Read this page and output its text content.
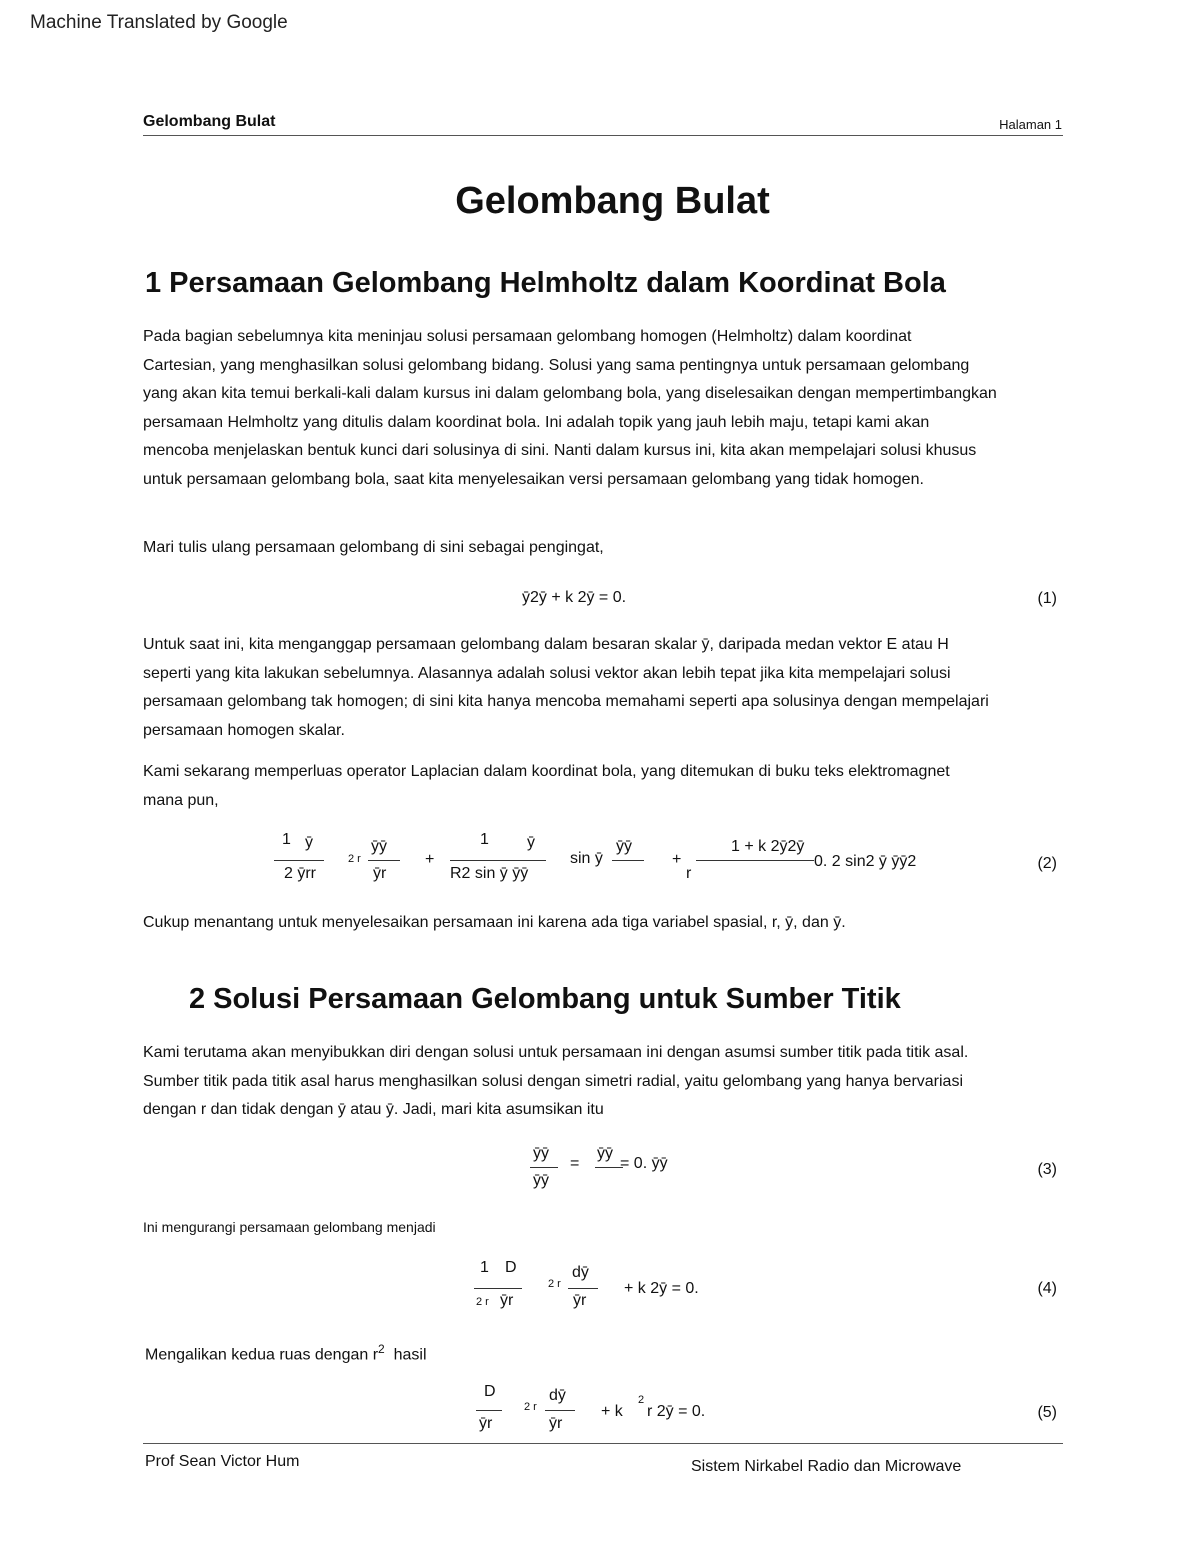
Machine Translated by Google
Gelombang Bulat	Halaman 1
Gelombang Bulat
1 Persamaan Gelombang Helmholtz dalam Koordinat Bola
Pada bagian sebelumnya kita meninjau solusi persamaan gelombang homogen (Helmholtz) dalam koordinat
Cartesian, yang menghasilkan solusi gelombang bidang. Solusi yang sama pentingnya untuk persamaan gelombang
yang akan kita temui berkali-kali dalam kursus ini dalam gelombang bola, yang diselesaikan dengan mempertimbangkan
persamaan Helmholtz yang ditulis dalam koordinat bola. Ini adalah topik yang jauh lebih maju, tetapi kami akan
mencoba menjelaskan bentuk kunci dari solusinya di sini. Nanti dalam kursus ini, kita akan mempelajari solusi khusus
untuk persamaan gelombang bola, saat kita menyelesaikan versi persamaan gelombang yang tidak homogen.
Mari tulis ulang persamaan gelombang di sini sebagai pengingat,
ȳ2ȳ + k 2ȳ = 0.	(1)
Untuk saat ini, kita menganggap persamaan gelombang dalam besaran skalar ȳ, daripada medan vektor E atau H
seperti yang kita lakukan sebelumnya. Alasannya adalah solusi vektor akan lebih tepat jika kita mempelajari solusi
persamaan gelombang tak homogen; di sini kita hanya mencoba memahami seperti apa solusinya dengan mempelajari
persamaan homogen skalar.
Kami sekarang memperluas operator Laplacian dalam koordinat bola, yang ditemukan di buku teks elektromagnet
mana pun,
1 ȳ
2 ȳrr
2 r
ȳȳ
ȳr
+
1 ȳ
R2 sin ȳ ȳȳ
sin ȳ
ȳȳ
+
r
1 + k 2ȳ2ȳ
0. 2 sin2 ȳ ȳȳ2	(2)
Cukup menantang untuk menyelesaikan persamaan ini karena ada tiga variabel spasial, r, ȳ, dan ȳ.
2 Solusi Persamaan Gelombang untuk Sumber Titik
Kami terutama akan menyibukkan diri dengan solusi untuk persamaan ini dengan asumsi sumber titik pada titik asal.
Sumber titik pada titik asal harus menghasilkan solusi dengan simetri radial, yaitu gelombang yang hanya bervariasi
dengan r dan tidak dengan ȳ atau ȳ. Jadi, mari kita asumsikan itu
ȳȳ
ȳȳ
=
ȳȳ
= 0. ȳȳ	(3)
Ini mengurangi persamaan gelombang menjadi
1 D
2 r ȳr
2 r
dȳ
ȳr
+ k 2ȳ = 0.	(4)
Mengalikan kedua ruas dengan $r^2$ hasil
D
ȳr
2 r
dȳ
ȳr
+ k
2
r 2ȳ = 0.	(5)
Prof Sean Victor Hum	Sistem Nirkabel Radio dan Microwave
